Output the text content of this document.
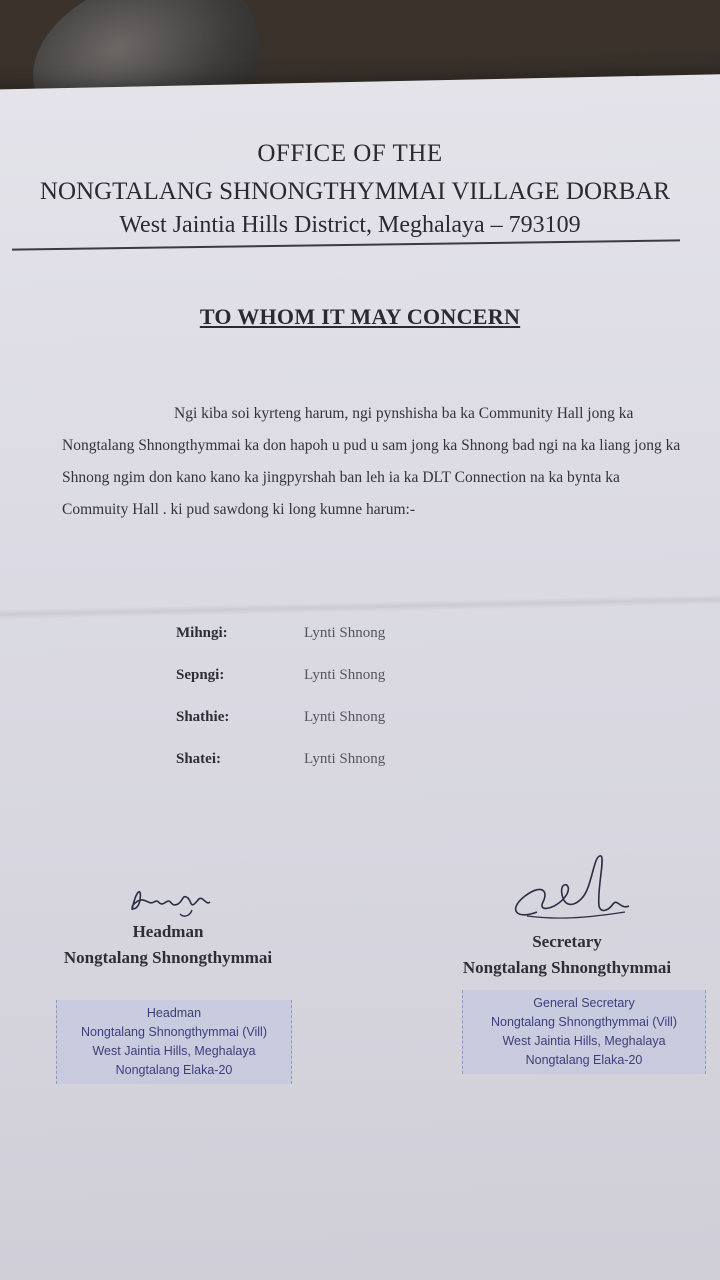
OFFICE OF THE
NONGTALANG SHNONGTHYMMAI VILLAGE DORBAR
West Jaintia Hills District, Meghalaya – 793109
TO WHOM IT MAY CONCERN
Ngi kiba soi kyrteng harum, ngi pynshisha ba ka Community Hall jong ka Nongtalang Shnongthymmai ka don hapoh u pud u sam jong ka Shnong bad ngi na ka liang jong ka Shnong ngim don kano kano ka jingpyrshah ban leh ia ka DLT Connection na ka bynta ka Commuity Hall . ki pud sawdong ki long kumne harum:-
Mihngi:	Lynti Shnong
Sepngi:	Lynti Shnong
Shathie:	Lynti Shnong
Shatei:	Lynti Shnong
Headman
Nongtalang Shnongthymmai
Headman
Nongtalang Shnongthymmai (Vill)
West Jaintia Hills, Meghalaya
Nongtalang Elaka-20
Secretary
Nongtalang Shnongthymmai
General Secretary
Nongtalang Shnongthymmai (Vill)
West Jaintia Hills, Meghalaya
Nongtalang Elaka-20
